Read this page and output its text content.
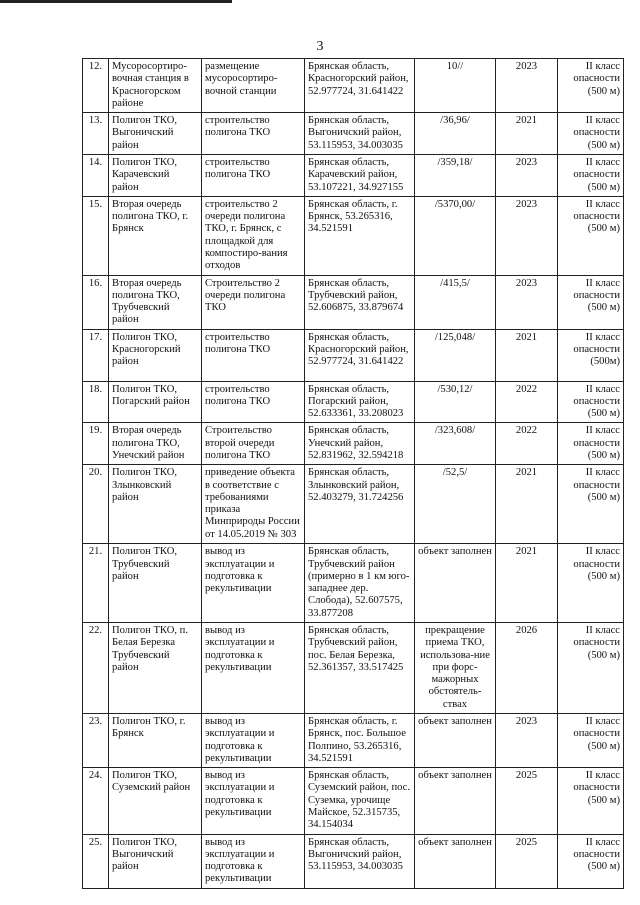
3
12.	Мусоросортиро-вочная станция в Красногорском районе	размещение мусоросортиро-вочной станции	Брянская область, Красногорский район, 52.977724, 31.641422	10//	2023	II класс опасности (500 м)
13.	Полигон ТКО, Выгоничский район	строительство полигона ТКО	Брянская область, Выгоничский район, 53.115953, 34.003035	/36,96/	2021	II класс опасности (500 м)
14.	Полигон ТКО, Карачевский район	строительство полигона ТКО	Брянская область, Карачевский район, 53.107221, 34.927155	/359,18/	2023	II класс опасности (500 м)
15.	Вторая очередь полигона ТКО, г. Брянск	строительство 2 очереди полигона ТКО, г. Брянск, с площадкой для компостиро-вания отходов	Брянская область, г. Брянск, 53.265316, 34.521591	/5370,00/	2023	II класс опасности (500 м)
16.	Вторая очередь полигона ТКО, Трубчевский район	Строительство 2 очереди полигона ТКО	Брянская область, Трубчевский район, 52.606875, 33.879674	/415,5/	2023	II класс опасности (500 м)
17.	Полигон ТКО, Красногорский район	строительство полигона ТКО	Брянская область, Красногорский район, 52.977724, 31.641422	/125,048/	2021	II класс опасности (500м)
18.	Полигон ТКО, Погарский район	строительство полигона ТКО	Брянская область, Погарский район, 52.633361, 33.208023	/530,12/	2022	II класс опасности (500 м)
19.	Вторая очередь полигона ТКО, Унечский район	Строительство второй очереди полигона ТКО	Брянская область, Унечский район, 52.831962, 32.594218	/323,608/	2022	II класс опасности (500 м)
20.	Полигон ТКО, Злынковский район	приведение объекта в соответствие с требованиями приказа Минприроды России от 14.05.2019 № 303	Брянская область, Злынковский район, 52.403279, 31.724256	/52,5/	2021	II класс опасности (500 м)
21.	Полигон ТКО, Трубчевский район	вывод из эксплуатации и подготовка к рекультивации	Брянская область, Трубчевский район (примерно в 1 км юго-западнее дер. Слобода), 52.607575, 33.877208	объект заполнен	2021	II класс опасности (500 м)
22.	Полигон ТКО, п. Белая Березка Трубчевский район	вывод из эксплуатации и подготовка к рекультивации	Брянская область, Трубчевский район, пос. Белая Березка, 52.361357, 33.517425	прекращение приема ТКО, использова-ние при форс-мажорных обстоятель-ствах	2026	II класс опасности (500 м)
23.	Полигон ТКО, г. Брянск	вывод из эксплуатации и подготовка к рекультивации	Брянская область, г. Брянск, пос. Большое Полпино, 53.265316, 34.521591	объект заполнен	2023	II класс опасности (500 м)
24.	Полигон ТКО, Суземский район	вывод из эксплуатации и подготовка к рекультивации	Брянская область, Суземский район, пос. Суземка, урочище Майское, 52.315735, 34.154034	объект заполнен	2025	II класс опасности (500 м)
25.	Полигон ТКО, Выгоничский район	вывод из эксплуатации и подготовка к рекультивации	Брянская область, Выгоничский район, 53.115953, 34.003035	объект заполнен	2025	II класс опасности (500 м)
